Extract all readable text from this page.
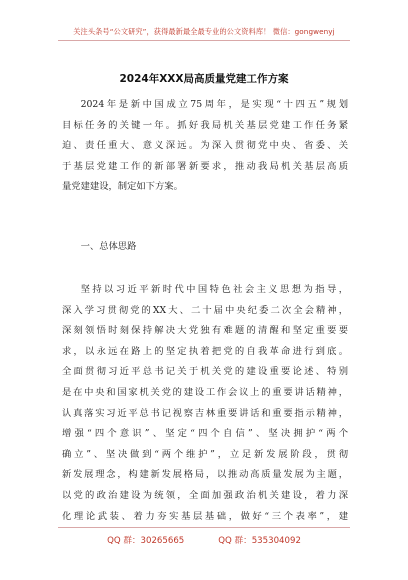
关注头条号“公文研究”，获得最新最全最专业的公文资料库！ 微信：gongwenyj
2024年XXX局高质量党建工作方案
2024年是新中国成立75周年，是实现“十四五”规划
目标任务的关键一年。抓好我局机关基层党建工作任务紧
迫、责任重大、意义深远。为深入贯彻党中央、省委、关
于基层党建工作的新部署新要求，推动我局机关基层高质
量党建建设，制定如下方案。
一、总体思路
坚持以习近平新时代中国特色社会主义思想为指导，
深入学习贯彻党的XX大、二十届中央纪委二次全会精神，
深刻领悟时刻保持解决大党独有难题的清醒和坚定重要要
求，以永远在路上的坚定执着把党的自我革命进行到底。
全面贯彻习近平总书记关于机关党的建设重要论述、特别
是在中央和国家机关党的建设工作会议上的重要讲话精神，
认真落实习近平总书记视察吉林重要讲话和重要指示精神，
增强“四个意识”、坚定“四个自信”、坚决拥护“两个
确立”、坚决做到“两个维护”，立足新发展阶段，贯彻
新发展理念，构建新发展格局，以推动高质量发展为主题，
以党的政治建设为统领，全面加强政治机关建设，着力深
化理论武装、着力夯实基层基础，做好“三个表率”，建
QQ 群：30265665	QQ 群：535304092
